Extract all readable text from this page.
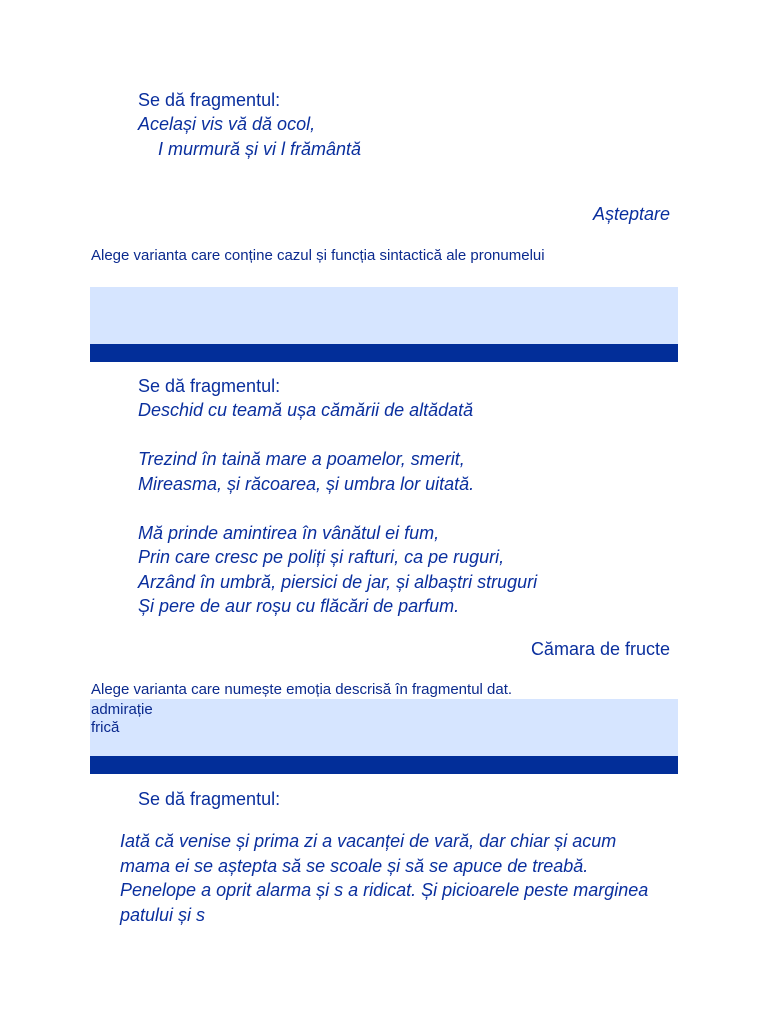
Se dă fragmentul:
Același vis vă dă ocol,
I murmură și vi l frământă
Așteptare
Alege varianta care conține cazul și funcția sintactică ale pronumelui
Se dă fragmentul:
Deschid cu teamă ușa cămării de altădată
Trezind în taină mare a poamelor, smerit,
Mireasma, și răcoarea, și umbra lor uitată.
Mă prinde amintirea în vânătul ei fum,
Prin care cresc pe poliți și rafturi, ca pe ruguri,
Arzând în umbră, piersici de jar, și albaștri struguri
Și pere de aur roșu cu flăcări de parfum.
Cămara de fructe
Alege varianta care numește emoția descrisă în fragmentul dat.
admirație
frică
Se dă fragmentul:
Iată că venise și prima zi a vacanței de vară, dar chiar și acum mama ei se aștepta să se scoale și să se apuce de treabă. Penelope a oprit alarma și s a ridicat. Și picioarele peste marginea patului și s
